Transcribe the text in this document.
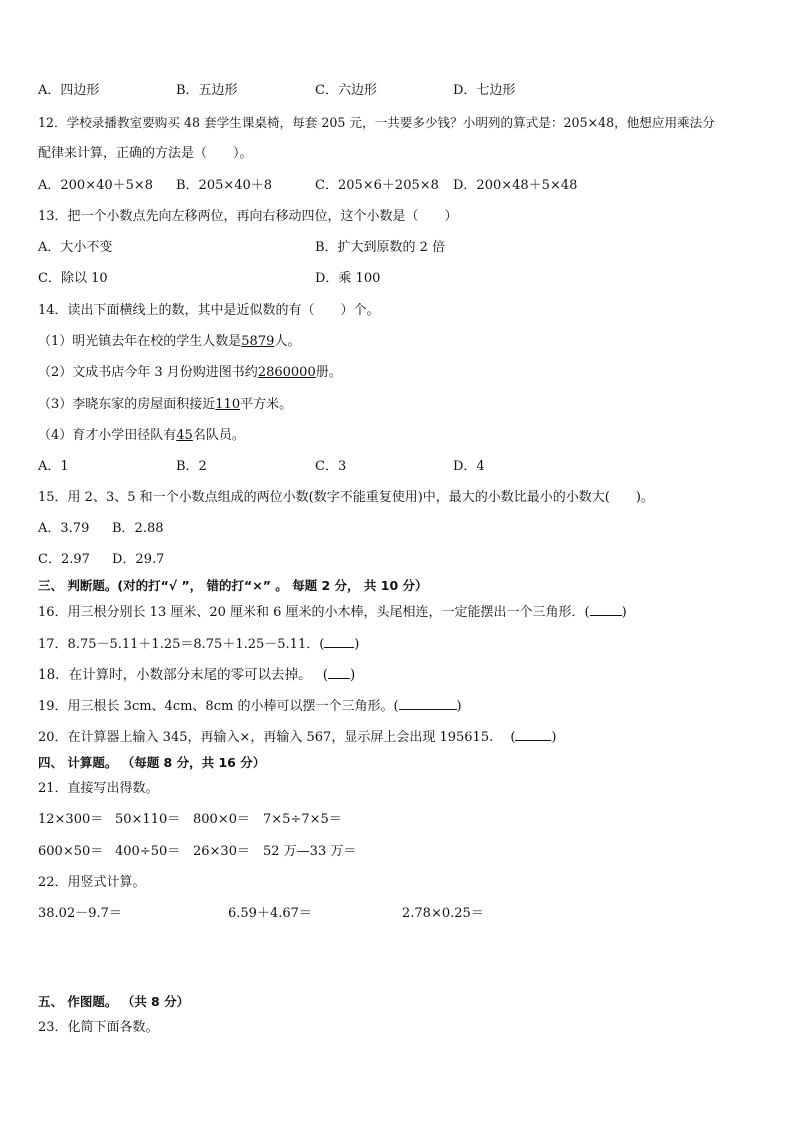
A．四边形	B．五边形	C．六边形	D．七边形
12．学校录播教室要购买 48 套学生课桌椅，每套 205 元，一共要多少钱？小明列的算式是：205×48，他想应用乘法分
配律来计算，正确的方法是（　　）。
A．200×40＋5×8 B．205×40＋8	C．205×6＋205×8 D．200×48＋5×48
13．把一个小数点先向左移两位，再向右移动四位，这个小数是（　　）
A．大小不变	B．扩大到原数的 2 倍
C．除以 10	D．乘 100
14．读出下面横线上的数，其中是近似数的有（　　）个。
（1）明光镇去年在校的学生人数是5879人。
（2）文成书店今年 3 月份购进图书约2860000册。
（3）李晓东家的房屋面积接近110平方米。
（4）育才小学田径队有45名队员。
A．1	B．2	C．3	D．4
15．用 2、3、5 和一个小数点组成的两位小数(数字不能重复使用)中，最大的小数比最小的小数大(　　)。
A．3.79 B．2.88
C．2.97 D．29.7
三、 判断题。(对的打“√ ”， 错的打“×” 。 每题 2 分， 共 10 分）
16．用三根分别长 13 厘米、20 厘米和 6 厘米的小木棒，头尾相连，一定能摆出一个三角形．( )
17．8.75－5.11＋1.25＝8.75＋1.25－5.11．( )
18．在计算时，小数部分末尾的零可以去掉。　 ( )
19．用三根长 3cm、4cm、8cm 的小棒可以摆一个三角形。(	)
20．在计算器上输入 345，再输入×，再输入 567，显示屏上会出现 195615.　 (	)
四、 计算题。 （每题 8 分，共 16 分）
21．直接写出得数。
12×300＝ 50×110＝ 800×0＝ 7×5÷7×5＝
600×50＝ 400÷50＝ 26×30＝ 52 万—33 万＝
22．用竖式计算。
38.02－9.7＝	6.59＋4.67＝	2.78×0.25＝
五、 作图题。 （共 8 分）
23．化简下面各数。
